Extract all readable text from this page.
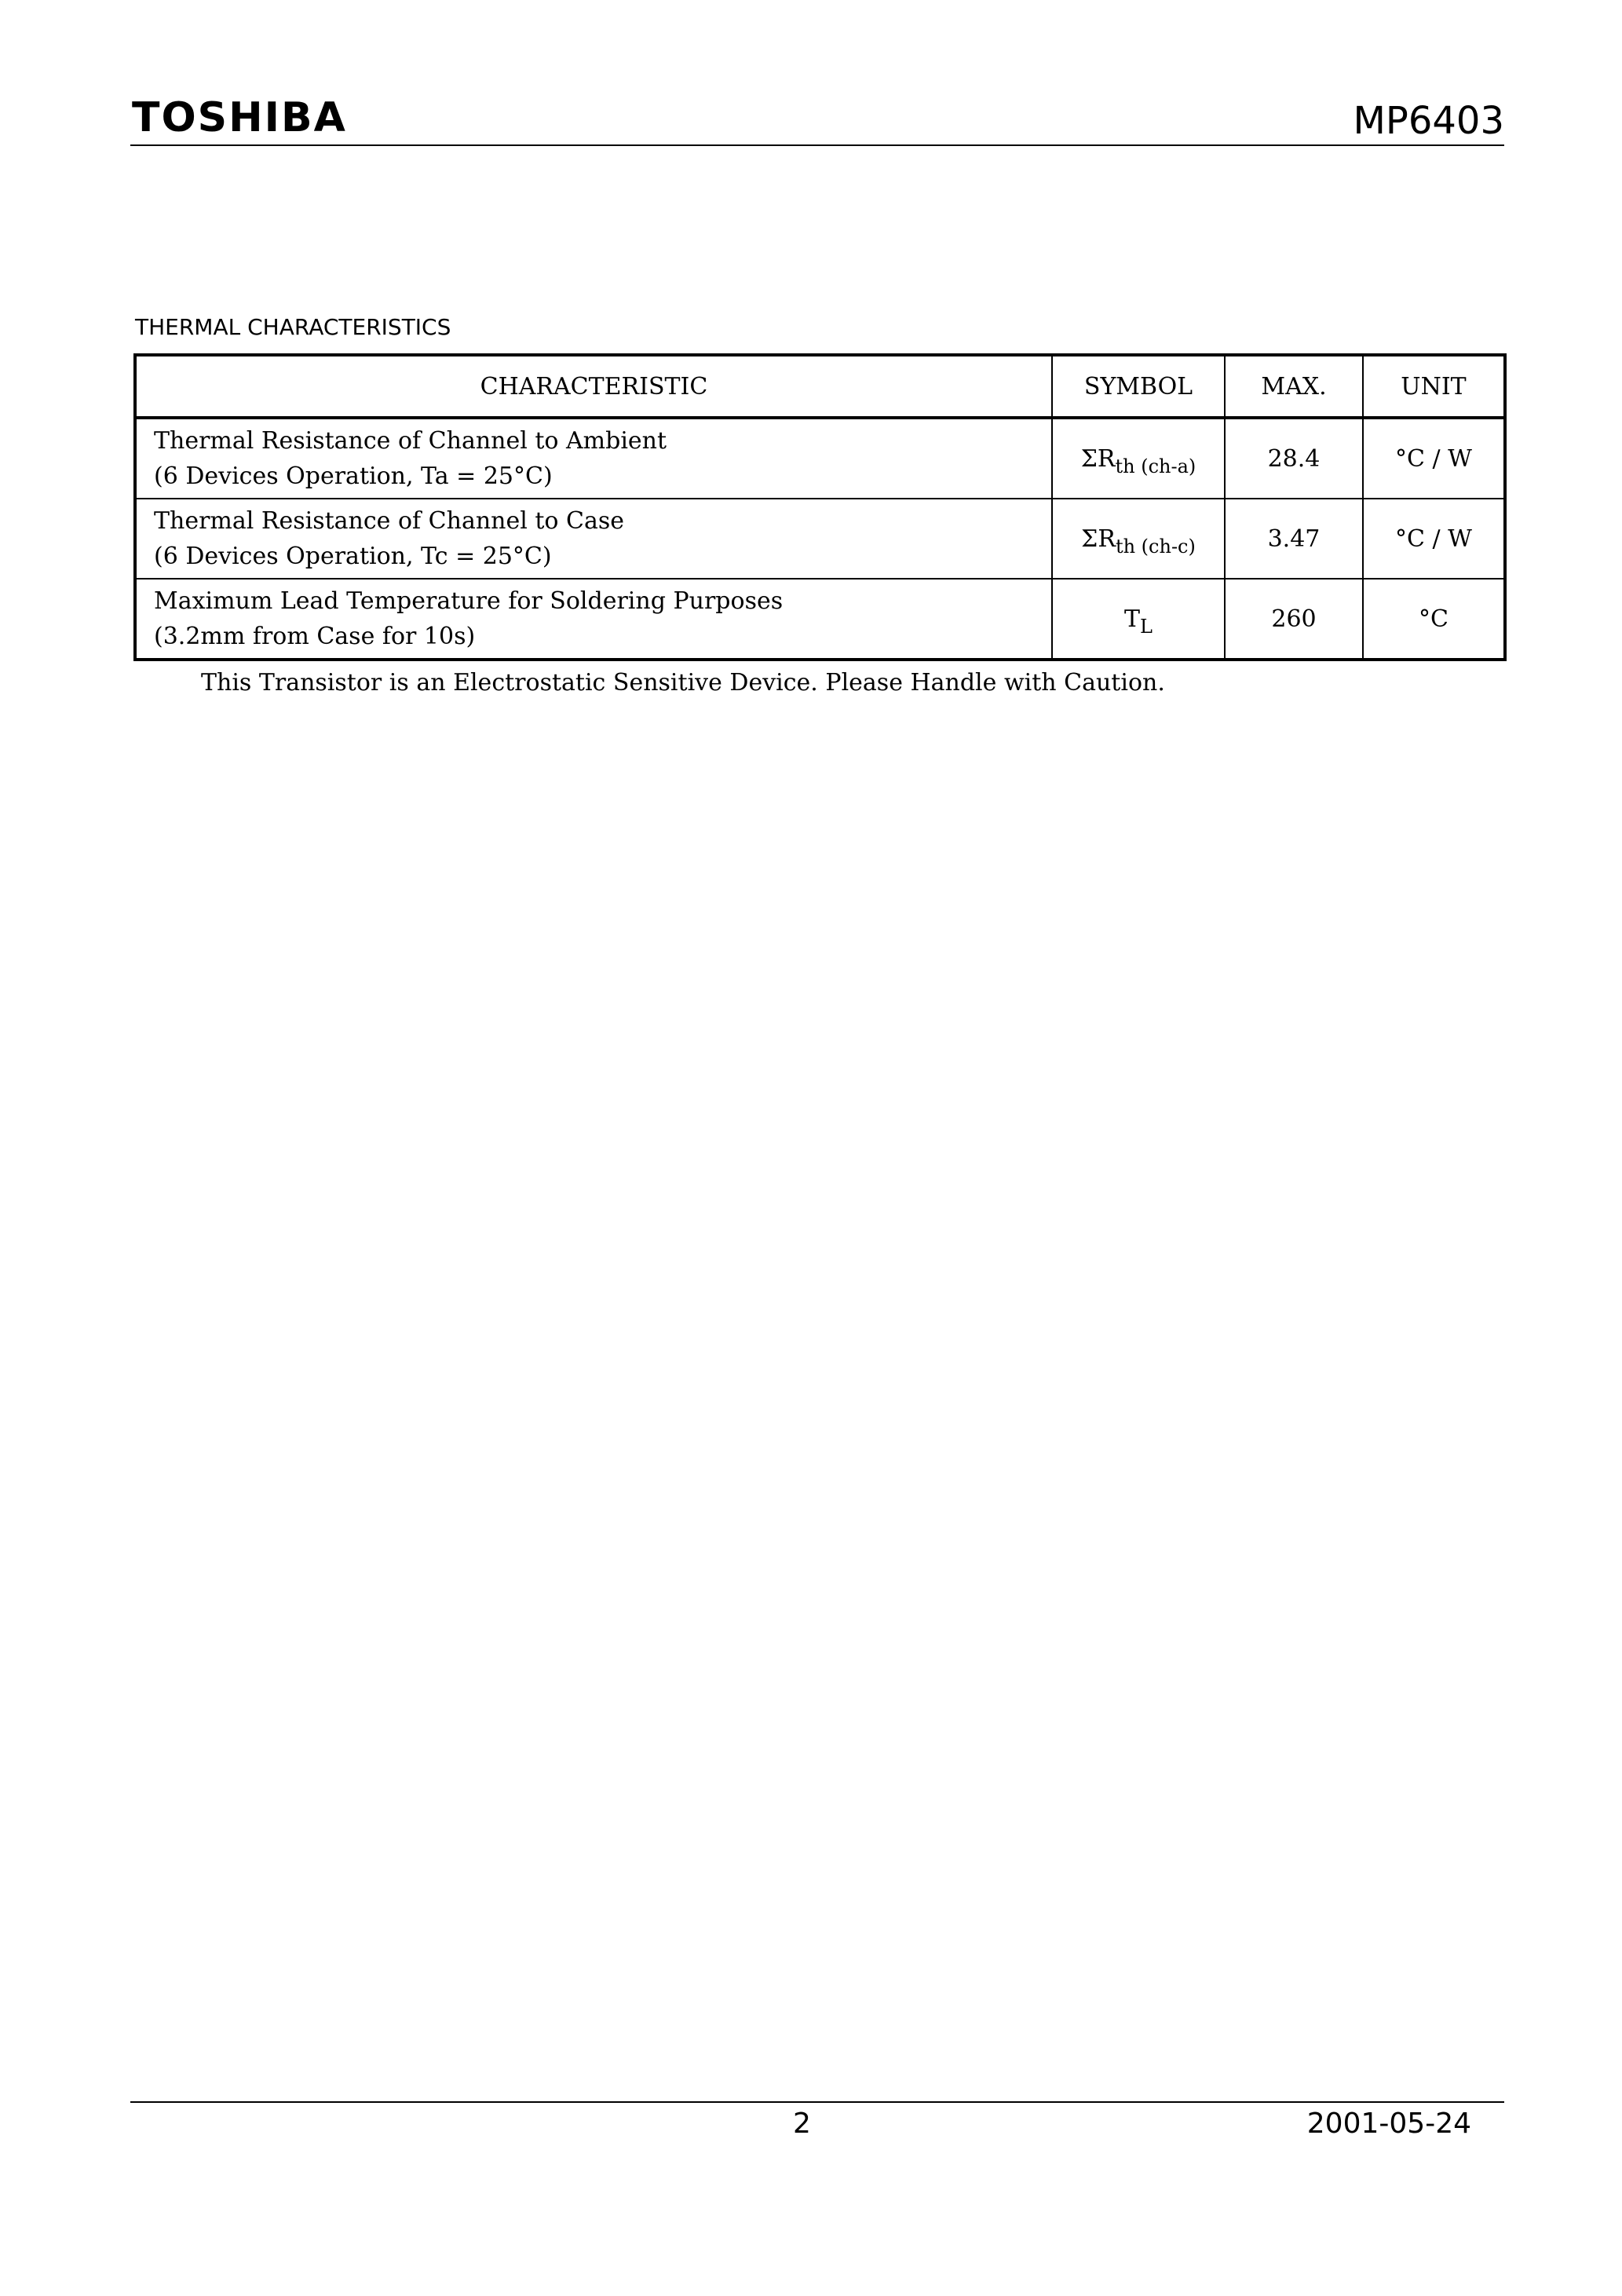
TOSHIBA	MP6403
THERMAL CHARACTERISTICS
CHARACTERISTIC	SYMBOL	MAX.	UNIT

Thermal Resistance of Channel to Ambient
(6 Devices Operation, Ta = 25°C)	$\Sigma R_{th (ch-a)}$	28.4	°C / W

Thermal Resistance of Channel to Case
(6 Devices Operation, Tc = 25°C)	$\Sigma R_{th (ch-c)}$	3.47	°C / W

Maximum Lead Temperature for Soldering Purposes
(3.2mm from Case for 10s)	$T_L$	260	°C
This Transistor is an Electrostatic Sensitive Device. Please Handle with Caution.
2	2001-05-24
